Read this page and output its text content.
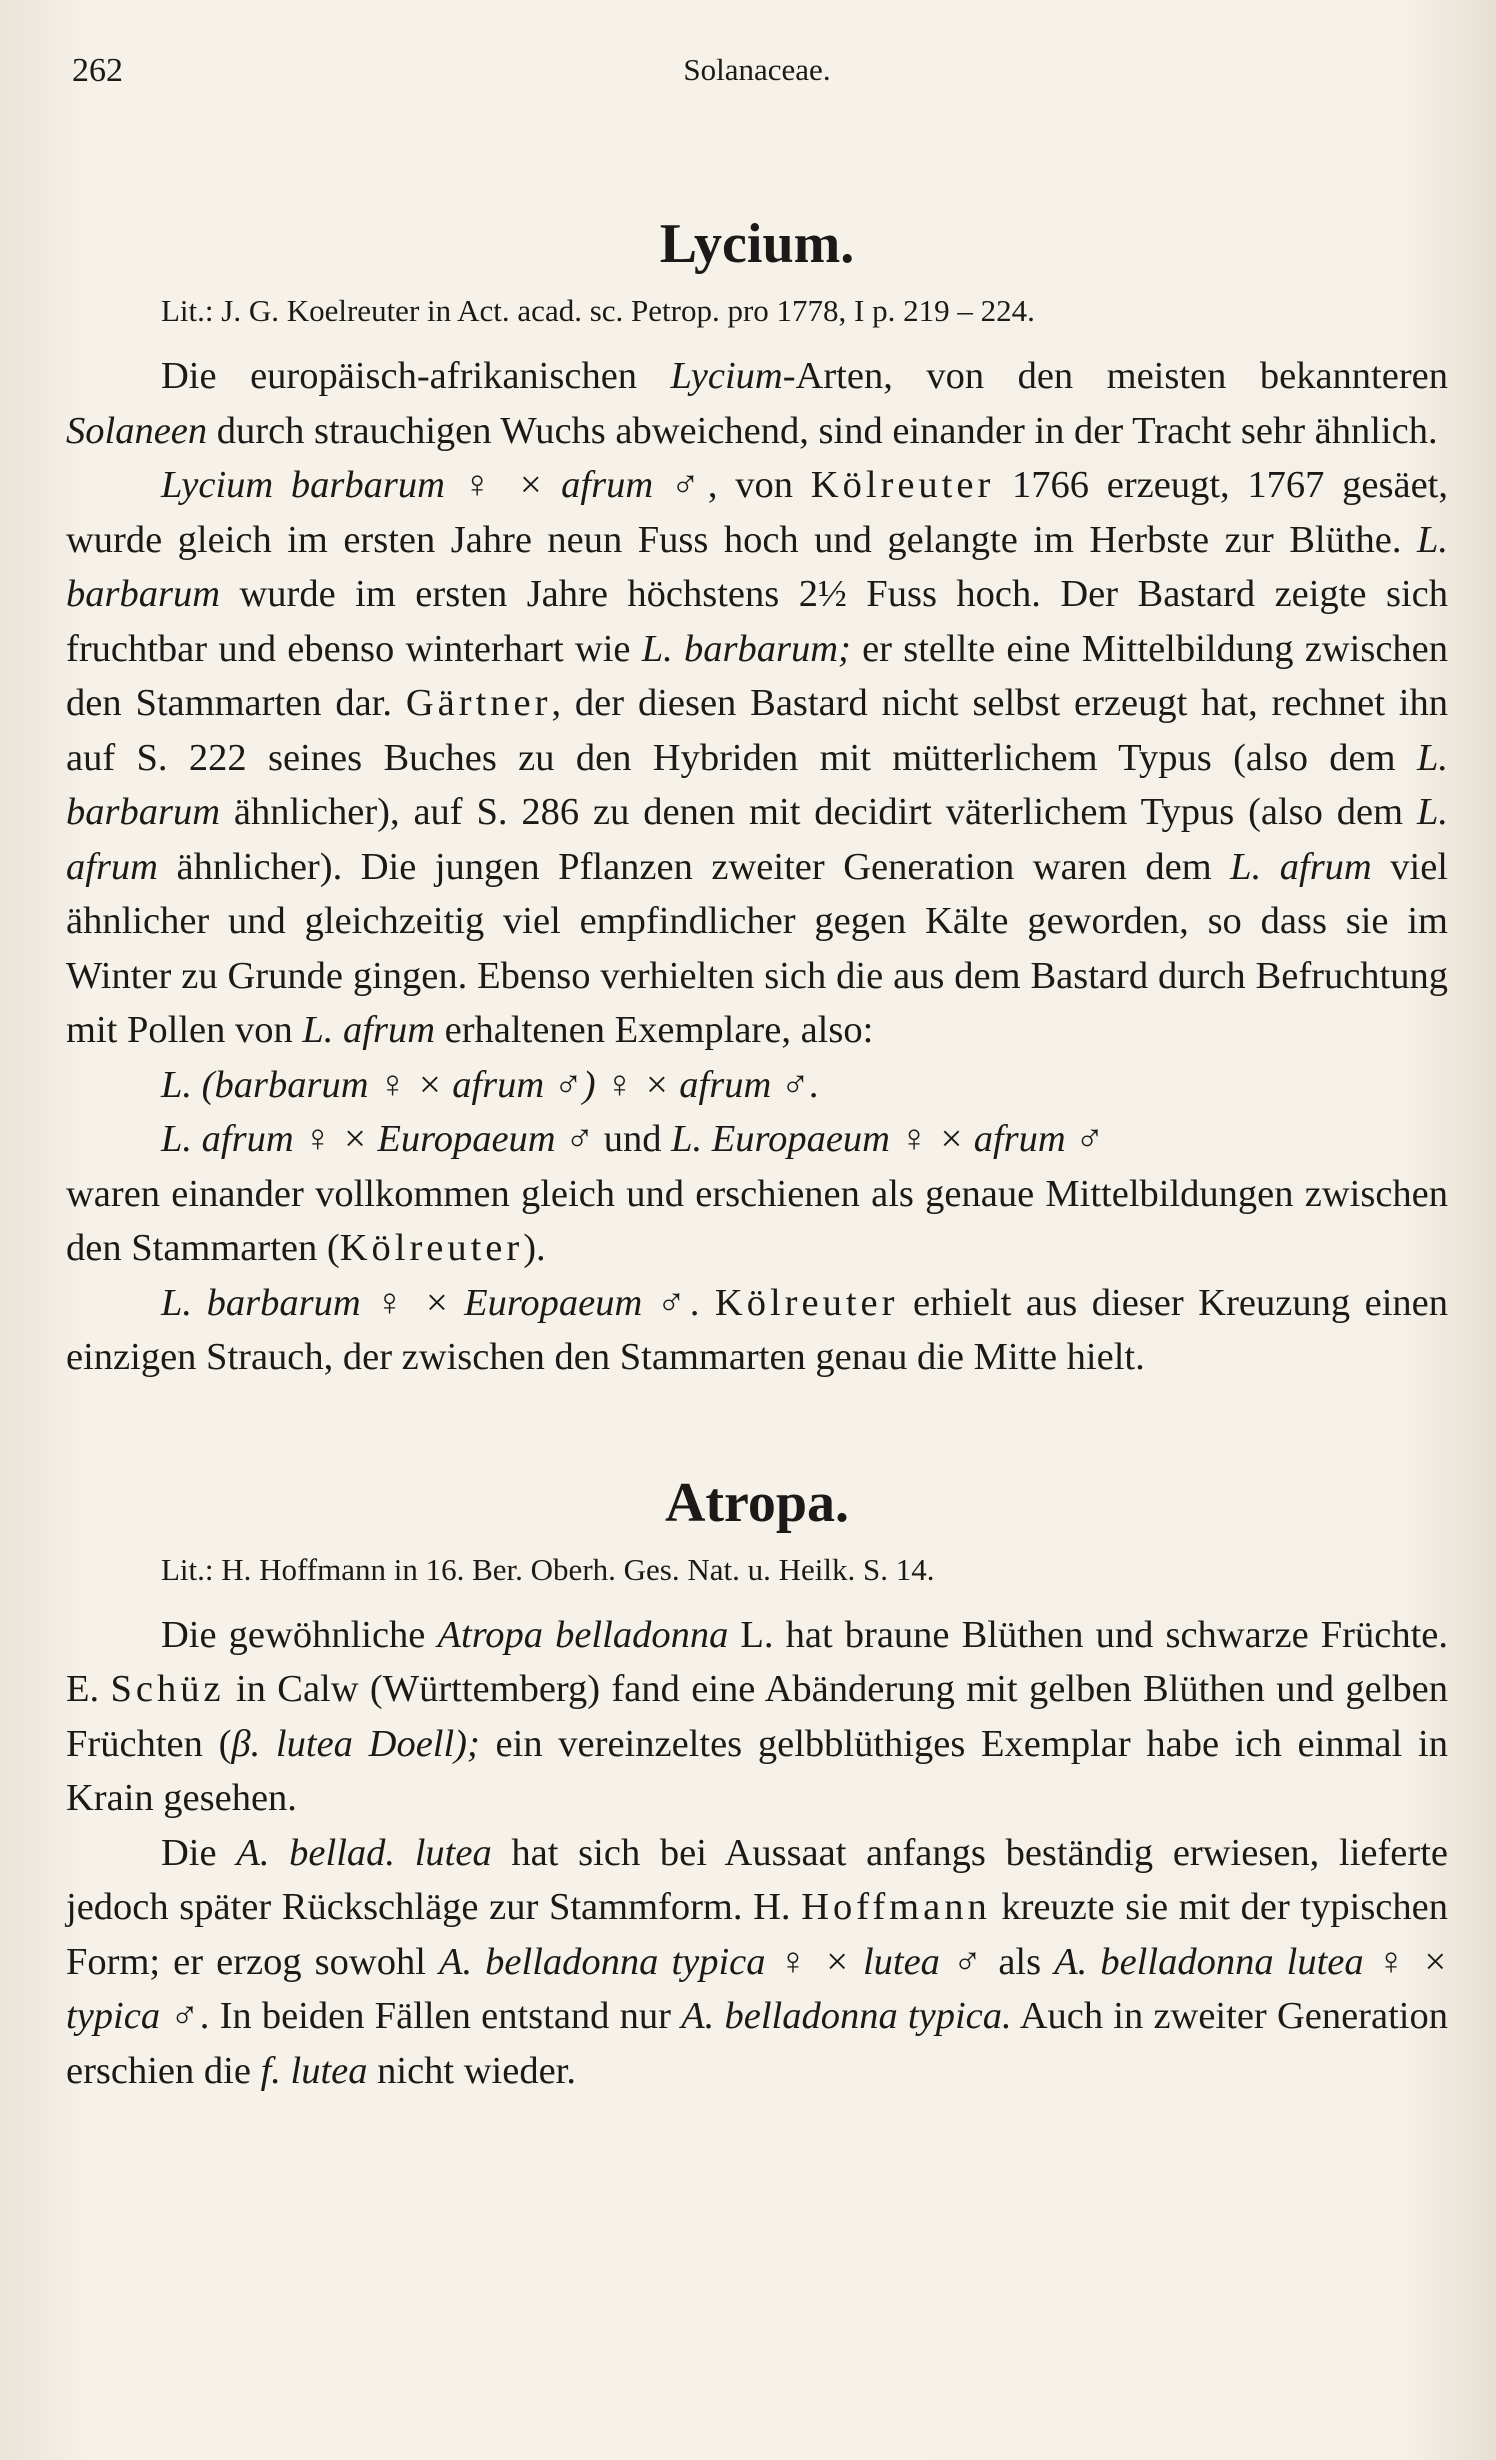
262	Solanaceae.
Lycium.
Lit.: J. G. Koelreuter in Act. acad. sc. Petrop. pro 1778, I p. 219 – 224.

Die europäisch-afrikanischen Lycium-Arten, von den meisten bekannteren Solaneen durch strauchigen Wuchs abweichend, sind einander in der Tracht sehr ähnlich.

Lycium barbarum ♀ × afrum ♂, von Kölreuter 1766 erzeugt, 1767 gesäet, wurde gleich im ersten Jahre neun Fuss hoch und gelangte im Herbste zur Blüthe. L. barbarum wurde im ersten Jahre höchstens 2½ Fuss hoch. Der Bastard zeigte sich fruchtbar und ebenso winterhart wie L. barbarum; er stellte eine Mittelbildung zwischen den Stammarten dar. Gärtner, der diesen Bastard nicht selbst erzeugt hat, rechnet ihn auf S. 222 seines Buches zu den Hybriden mit mütterlichem Typus (also dem L. barbarum ähnlicher), auf S. 286 zu denen mit decidirt väterlichem Typus (also dem L. afrum ähnlicher). Die jungen Pflanzen zweiter Generation waren dem L. afrum viel ähnlicher und gleichzeitig viel empfindlicher gegen Kälte geworden, so dass sie im Winter zu Grunde gingen. Ebenso verhielten sich die aus dem Bastard durch Befruchtung mit Pollen von L. afrum erhaltenen Exemplare, also:

L. (barbarum ♀ × afrum ♂) ♀ × afrum ♂.
L. afrum ♀ × Europaeum ♂ und L. Europaeum ♀ × afrum ♂

waren einander vollkommen gleich und erschienen als genaue Mittelbildungen zwischen den Stammarten (Kölreuter).

L. barbarum ♀ × Europaeum ♂. Kölreuter erhielt aus dieser Kreuzung einen einzigen Strauch, der zwischen den Stammarten genau die Mitte hielt.

Atropa.
Lit.: H. Hoffmann in 16. Ber. Oberh. Ges. Nat. u. Heilk. S. 14.

Die gewöhnliche Atropa belladonna L. hat braune Blüthen und schwarze Früchte. E. Schüz in Calw (Württemberg) fand eine Abänderung mit gelben Blüthen und gelben Früchten (β. lutea Doell); ein vereinzeltes gelbblüthiges Exemplar habe ich einmal in Krain gesehen.

Die A. bellad. lutea hat sich bei Aussaat anfangs beständig erwiesen, lieferte jedoch später Rückschläge zur Stammform. H. Hoffmann kreuzte sie mit der typischen Form; er erzog sowohl A. belladonna typica ♀ × lutea ♂ als A. belladonna lutea ♀ × typica ♂. In beiden Fällen entstand nur A. belladonna typica. Auch in zweiter Generation erschien die f. lutea nicht wieder.
